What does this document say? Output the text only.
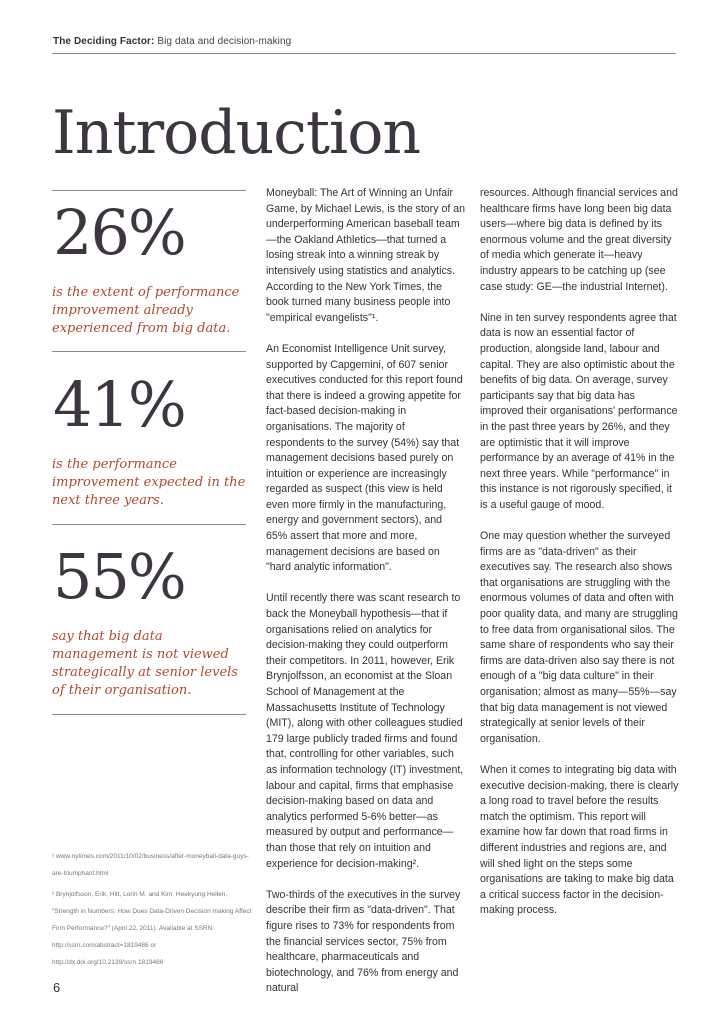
The Deciding Factor: Big data and decision-making
Introduction
26%
is the extent of performance improvement already experienced from big data.
41%
is the performance improvement expected in the next three years.
55%
say that big data management is not viewed strategically at senior levels of their organisation.

¹ www.nytimes.com/2011/10/02/business/after-moneyball-data-guys-are-triumphant.html

² Brynjolfsson, Erik, Hitt, Lorin M. and Kim, Heekyung Hellen, "Strength in Numbers: How Does Data-Driven Decision making Affect Firm Performance?" (April 22, 2011). Available at SSRN: http://ssrn.com/abstract=1819486 or http://dx.doi.org/10.2139/ssrn.1819486

6

Moneyball: The Art of Winning an Unfair Game, by Michael Lewis, is the story of an underperforming American baseball team—the Oakland Athletics—that turned a losing streak into a winning streak by intensively using statistics and analytics. According to the New York Times, the book turned many business people into "empirical evangelists"¹.

An Economist Intelligence Unit survey, supported by Capgemini, of 607 senior executives conducted for this report found that there is indeed a growing appetite for fact-based decision-making in organisations. The majority of respondents to the survey (54%) say that management decisions based purely on intuition or experience are increasingly regarded as suspect (this view is held even more firmly in the manufacturing, energy and government sectors), and 65% assert that more and more, management decisions are based on "hard analytic information".

Until recently there was scant research to back the Moneyball hypothesis—that if organisations relied on analytics for decision-making they could outperform their competitors. In 2011, however, Erik Brynjolfsson, an economist at the Sloan School of Management at the Massachusetts Institute of Technology (MIT), along with other colleagues studied 179 large publicly traded firms and found that, controlling for other variables, such as information technology (IT) investment, labour and capital, firms that emphasise decision-making based on data and analytics performed 5-6% better—as measured by output and performance—than those that rely on intuition and experience for decision-making².

Two-thirds of the executives in the survey describe their firm as "data-driven". That figure rises to 73% for respondents from the financial services sector, 75% from healthcare, pharmaceuticals and biotechnology, and 76% from energy and natural

resources. Although financial services and healthcare firms have long been big data users—where big data is defined by its enormous volume and the great diversity of media which generate it—heavy industry appears to be catching up (see case study: GE—the industrial Internet).

Nine in ten survey respondents agree that data is now an essential factor of production, alongside land, labour and capital. They are also optimistic about the benefits of big data. On average, survey participants say that big data has improved their organisations' performance in the past three years by 26%, and they are optimistic that it will improve performance by an average of 41% in the next three years. While "performance" in this instance is not rigorously specified, it is a useful gauge of mood.

One may question whether the surveyed firms are as "data-driven" as their executives say. The research also shows that organisations are struggling with the enormous volumes of data and often with poor quality data, and many are struggling to free data from organisational silos. The same share of respondents who say their firms are data-driven also say there is not enough of a "big data culture" in their organisation; almost as many—55%—say that big data management is not viewed strategically at senior levels of their organisation.

When it comes to integrating big data with executive decision-making, there is clearly a long road to travel before the results match the optimism. This report will examine how far down that road firms in different industries and regions are, and will shed light on the steps some organisations are taking to make big data a critical success factor in the decision-making process.
